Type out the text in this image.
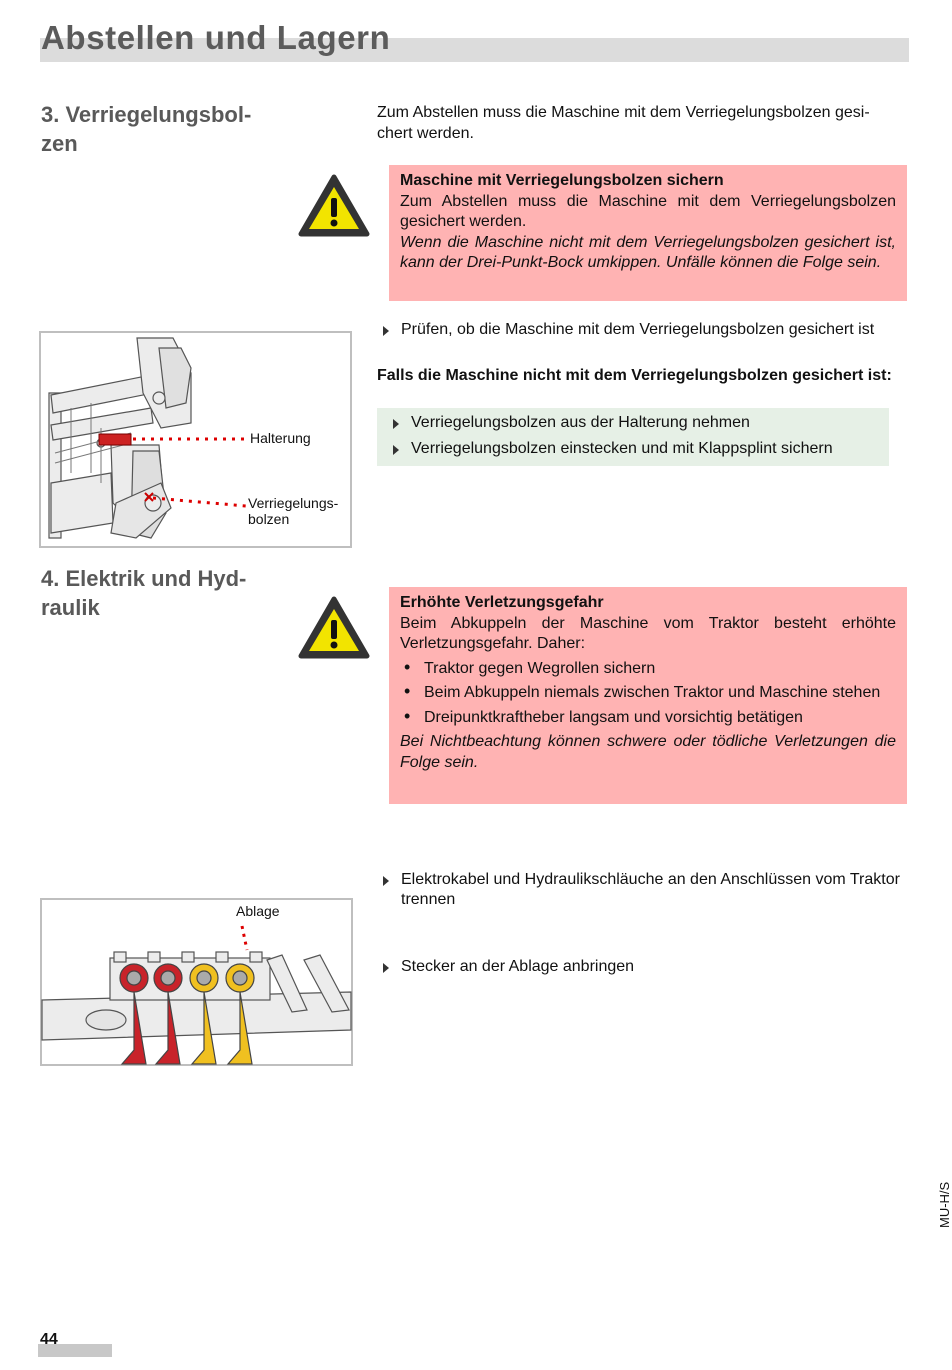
Abstellen und Lagern
3. Verriegelungsbol-
zen
Zum Abstellen muss die Maschine mit dem Verriegelungsbolzen gesi-
chert werden.
Maschine mit Verriegelungsbolzen sichern
Zum Abstellen muss die Maschine mit dem Verriegelungsbolzen gesichert werden.
Wenn die Maschine nicht mit dem Verriegelungsbolzen gesichert ist, kann der Drei-Punkt-Bock umkippen. Unfälle können die Folge sein.
Prüfen, ob die Maschine mit dem Verriegelungsbolzen gesichert ist
Falls die Maschine nicht mit dem Verriegelungsbolzen gesichert ist:
Verriegelungsbolzen aus der Halterung nehmen
Verriegelungsbolzen einstecken und mit Klappsplint sichern
Halterung
Verriegelungs-
bolzen
4. Elektrik und Hyd-
raulik	Erhöhte Verletzungsgefahr
Beim Abkuppeln der Maschine vom Traktor besteht erhöhte Verletzungsgefahr. Daher:
• Traktor gegen Wegrollen sichern
• Beim Abkuppeln niemals zwischen Traktor und Maschine stehen
• Dreipunktkraftheber langsam und vorsichtig betätigen
Bei Nichtbeachtung können schwere oder tödliche Verletzungen die Folge sein.
Elektrokabel und Hydraulikschläuche an den Anschlüssen vom Traktor trennen
Stecker an der Ablage anbringen
Ablage
MU-H/S
44
